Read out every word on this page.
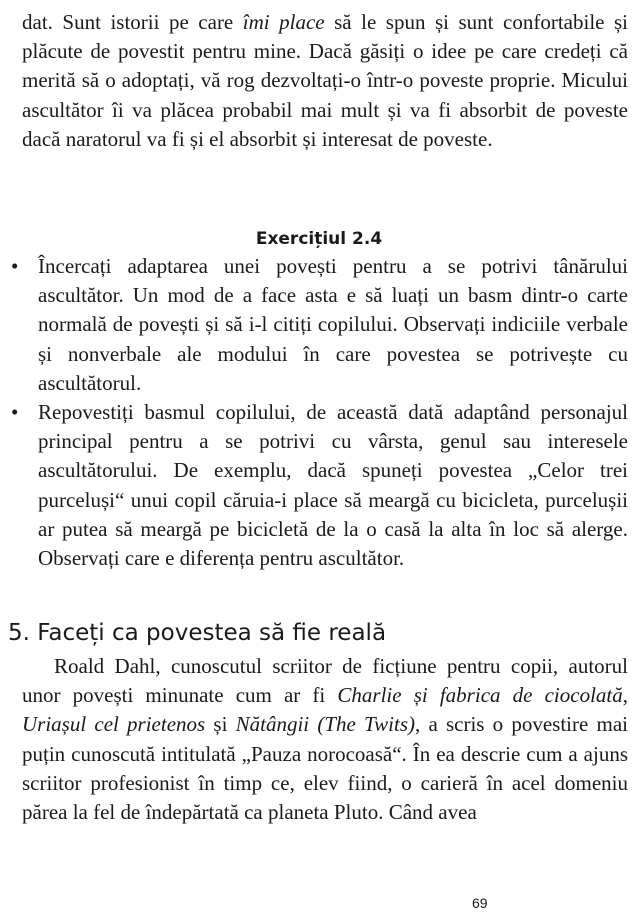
dat. Sunt istorii pe care îmi place să le spun și sunt confortabile și plăcute de povestit pentru mine. Dacă găsiți o idee pe care credeți că merită să o adoptați, vă rog dezvoltați-o într-o poveste proprie. Micului ascultător îi va plăcea probabil mai mult și va fi absorbit de poveste dacă naratorul va fi și el absorbit și interesat de poveste.

Exercițiul 2.4
• Încercați adaptarea unei povești pentru a se potrivi tânărului ascultător. Un mod de a face asta e să luați un basm dintr-o carte normală de povești și să i-l citiți copilului. Observați indiciile verbale și nonverbale ale modului în care povestea se potrivește cu ascultătorul.
• Repovestiți basmul copilului, de această dată adaptând personajul principal pentru a se potrivi cu vârsta, genul sau interesele ascultătorului. De exemplu, dacă spuneți povestea „Celor trei purceluși“ unui copil căruia-i place să meargă cu bicicleta, purcelușii ar putea să meargă pe bicicletă de la o casă la alta în loc să alerge. Observați care e diferența pentru ascultător.
5. Faceți ca povestea să fie reală

Roald Dahl, cunoscutul scriitor de ficțiune pentru copii, autorul unor povești minunate cum ar fi Charlie și fabrica de ciocolată, Uriașul cel prietenos și Nătângii (The Twits), a scris o povestire mai puțin cunoscută intitulată „Pauza norocoasă“. În ea descrie cum a ajuns scriitor profesionist în timp ce, elev fiind, o carieră în acel domeniu părea la fel de îndepărtată ca planeta Pluto. Când avea

69
